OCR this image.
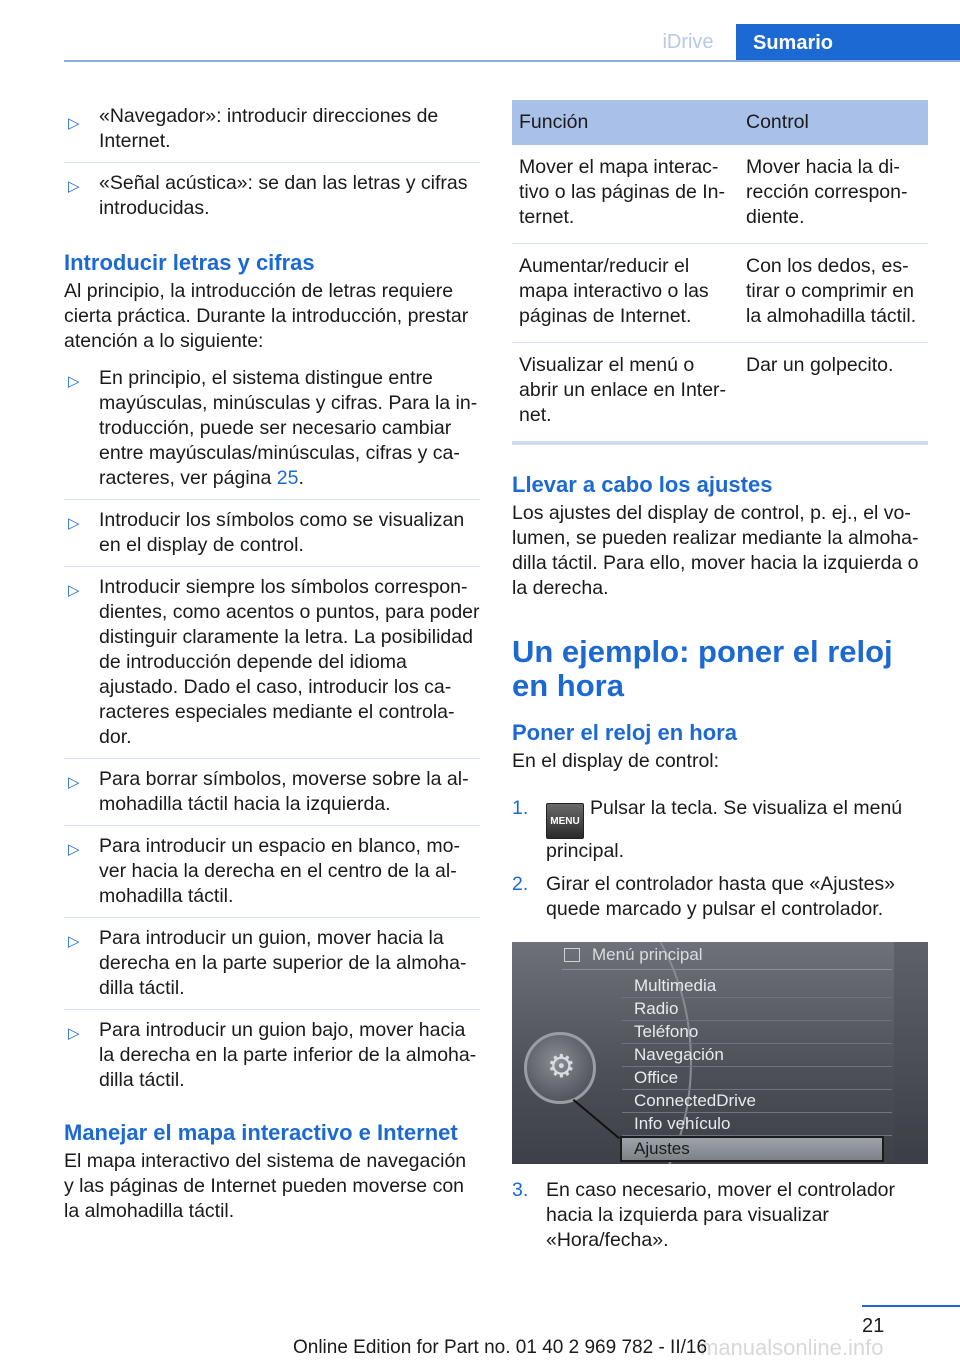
iDrive	Sumario
▷ «Navegador»: introducir direcciones de Internet.
▷ «Señal acústica»: se dan las letras y cifras introducidas.
Introducir letras y cifras
Al principio, la introducción de letras requiere cierta práctica. Durante la introducción, prestar atención a lo siguiente:
▷ En principio, el sistema distingue entre mayúsculas, minúsculas y cifras. Para la introducción, puede ser necesario cambiar entre mayúsculas/minúsculas, cifras y caracteres, ver página 25.
▷ Introducir los símbolos como se visualizan en el display de control.
▷ Introducir siempre los símbolos correspondientes, como acentos o puntos, para poder distinguir claramente la letra. La posibilidad de introducción depende del idioma ajustado. Dado el caso, introducir los caracteres especiales mediante el controlador.
▷ Para borrar símbolos, moverse sobre la almohadilla táctil hacia la izquierda.
▷ Para introducir un espacio en blanco, mover hacia la derecha en el centro de la almohadilla táctil.
▷ Para introducir un guion, mover hacia la derecha en la parte superior de la almohadilla táctil.
▷ Para introducir un guion bajo, mover hacia la derecha en la parte inferior de la almohadilla táctil.
Manejar el mapa interactivo e Internet
El mapa interactivo del sistema de navegación y las páginas de Internet pueden moverse con la almohadilla táctil.
Función	Control
Mover el mapa interactivo o las páginas de Internet.	Mover hacia la dirección correspondiente.
Aumentar/reducir el mapa interactivo o las páginas de Internet.	Con los dedos, estirar o comprimir en la almohadilla táctil.
Visualizar el menú o abrir un enlace en Internet.	Dar un golpecito.
Llevar a cabo los ajustes
Los ajustes del display de control, p. ej., el volumen, se pueden realizar mediante la almohadilla táctil. Para ello, mover hacia la izquierda o la derecha.
Un ejemplo: poner el reloj en hora
Poner el reloj en hora
En el display de control:
1.
MENUPulsar la tecla. Se visualiza el menú principal.
2. Girar el controlador hasta que «Ajustes» quede marcado y pulsar el controlador.
Menú principal
Multimedia
Radio
Teléfono
Navegación
Office
ConnectedDrive
Info vehículo
Ajustes
⚙
3. En caso necesario, mover el controlador hacia la izquierda para visualizar «Hora/fecha».
21
manualsonline.info
Online Edition for Part no. 01 40 2 969 782 - II/16
